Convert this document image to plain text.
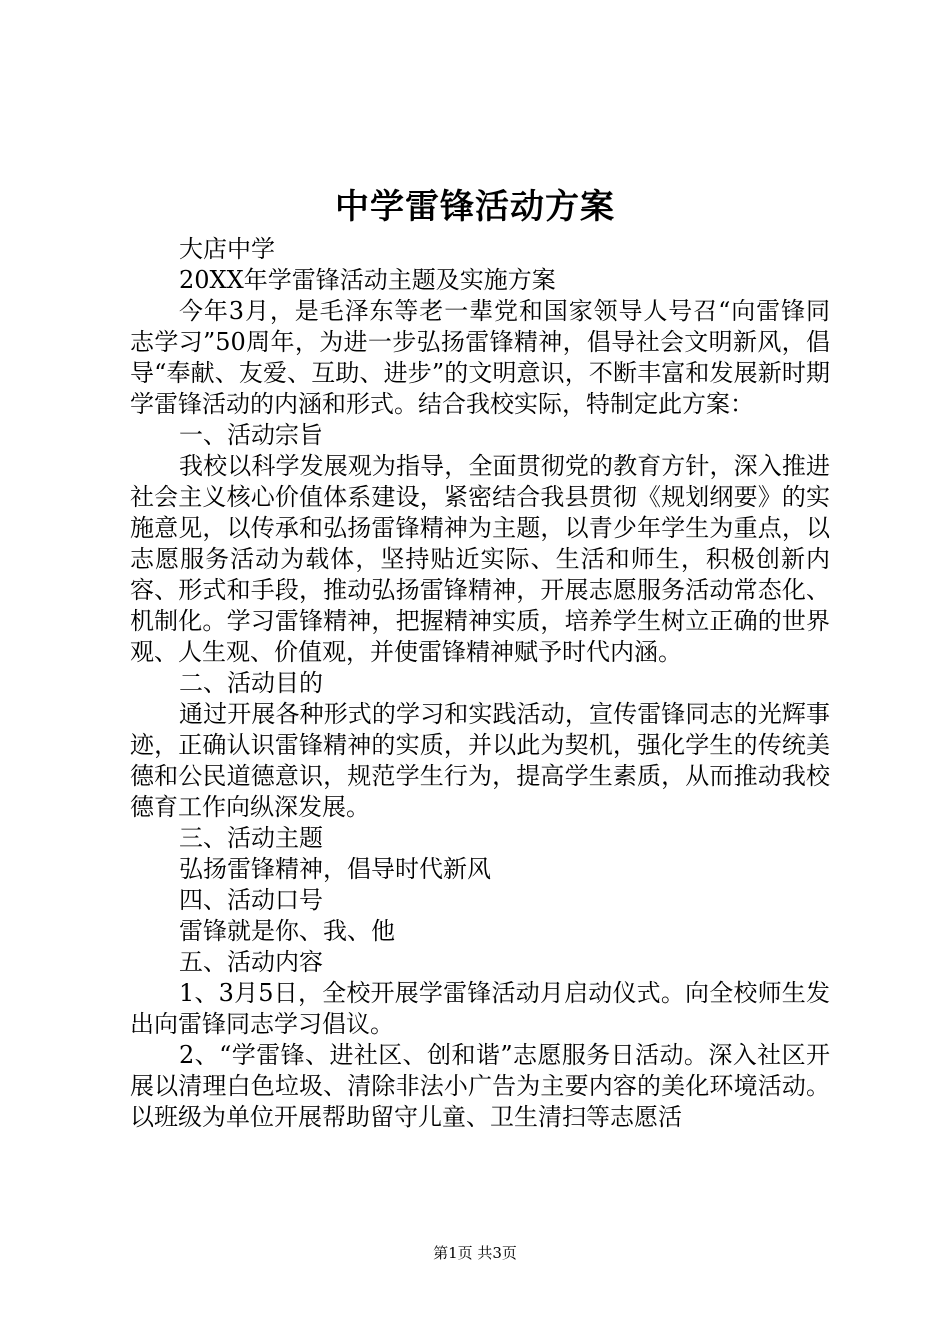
中学雷锋活动方案

大店中学

20XX年学雷锋活动主题及实施方案

今年3月，是毛泽东等老一辈党和国家领导人号召“向雷锋同志学习”50周年，为进一步弘扬雷锋精神，倡导社会文明新风，倡导“奉献、友爱、互助、进步”的文明意识，不断丰富和发展新时期学雷锋活动的内涵和形式。结合我校实际，特制定此方案：

一、活动宗旨

我校以科学发展观为指导，全面贯彻党的教育方针，深入推进社会主义核心价值体系建设，紧密结合我县贯彻《规划纲要》的实施意见，以传承和弘扬雷锋精神为主题，以青少年学生为重点，以志愿服务活动为载体，坚持贴近实际、生活和师生，积极创新内容、形式和手段，推动弘扬雷锋精神，开展志愿服务活动常态化、机制化。学习雷锋精神，把握精神实质，培养学生树立正确的世界观、人生观、价值观，并使雷锋精神赋予时代内涵。

二、活动目的

通过开展各种形式的学习和实践活动，宣传雷锋同志的光辉事迹，正确认识雷锋精神的实质，并以此为契机，强化学生的传统美德和公民道德意识，规范学生行为，提高学生素质，从而推动我校德育工作向纵深发展。

三、活动主题

弘扬雷锋精神，倡导时代新风

四、活动口号

雷锋就是你、我、他

五、活动内容

1、3月5日，全校开展学雷锋活动月启动仪式。向全校师生发出向雷锋同志学习倡议。

2、“学雷锋、进社区、创和谐”志愿服务日活动。深入社区开展以清理白色垃圾、清除非法小广告为主要内容的美化环境活动。以班级为单位开展帮助留守儿童、卫生清扫等志愿活

第1页 共3页
